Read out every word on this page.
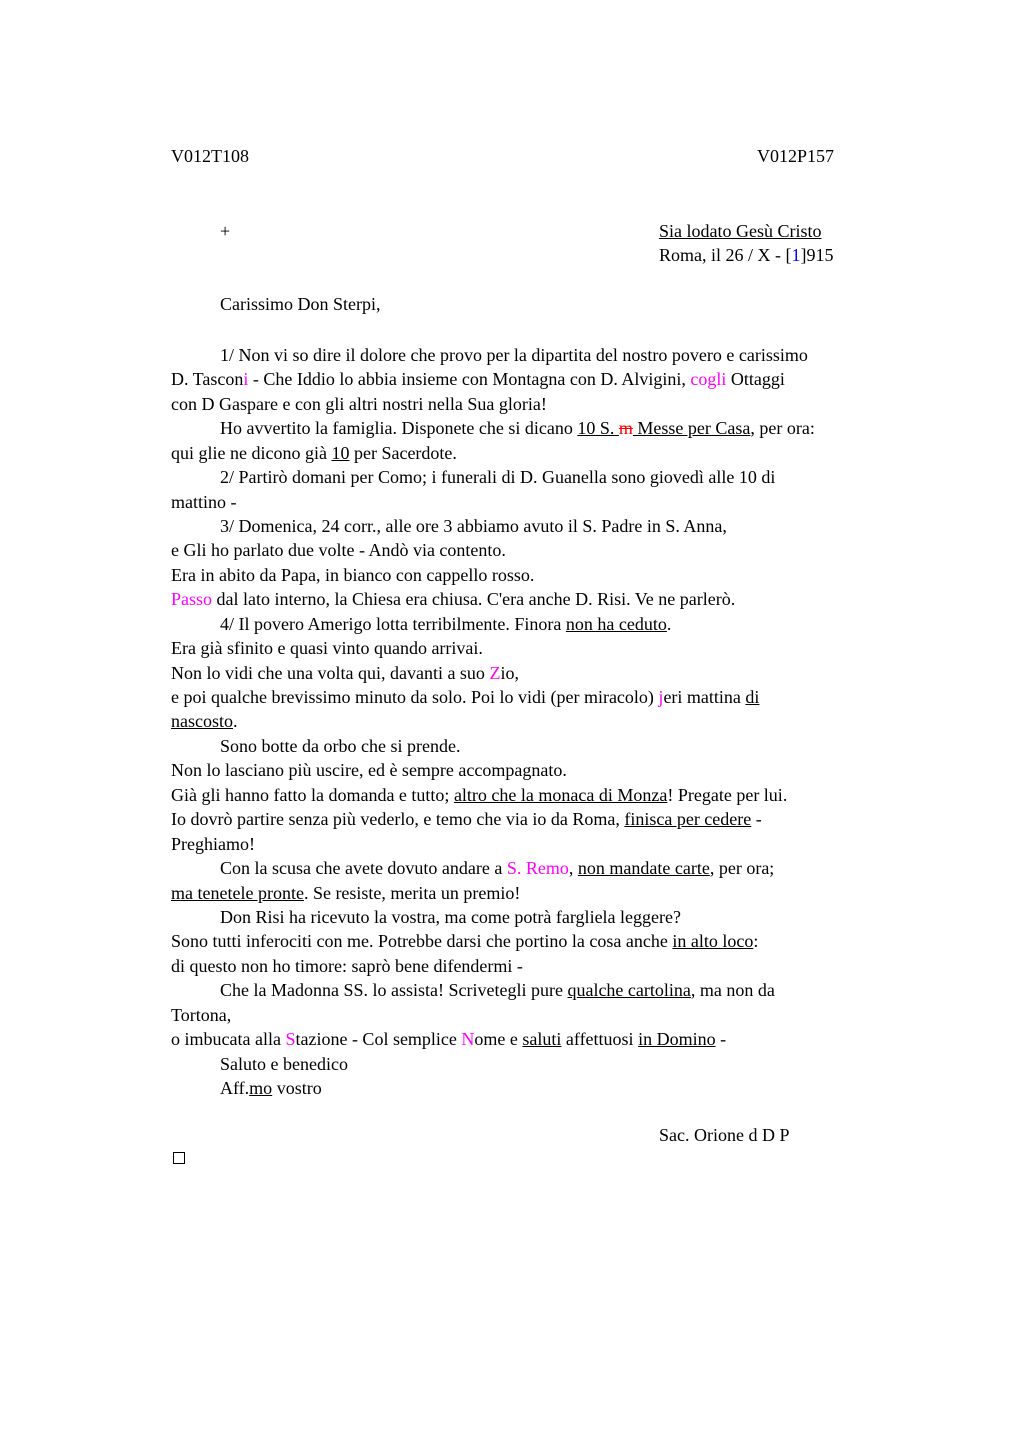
V012T108	V012P157
+	Sia lodato Gesù Cristo
Roma, il 26 / X - [1]915
Carissimo Don Sterpi,
1/ Non vi so dire il dolore che provo per la dipartita del nostro povero e carissimo
D. Tasconi - Che Iddio lo abbia insieme con Montagna con D. Alvigini, cogli Ottaggi
con D Gaspare e con gli altri nostri nella Sua gloria!
Ho avvertito la famiglia. Disponete che si dicano 10 S. m Messe per Casa, per ora:
qui glie ne dicono già 10 per Sacerdote.
2/ Partirò domani per Como; i funerali di D. Guanella sono giovedì alle 10 di
mattino -
3/ Domenica, 24 corr., alle ore 3 abbiamo avuto il S. Padre in S. Anna,
e Gli ho parlato due volte - Andò via contento.
Era in abito da Papa, in bianco con cappello rosso.
Passo dal lato interno, la Chiesa era chiusa. C'era anche D. Risi. Ve ne parlerò.
4/ Il povero Amerigo lotta terribilmente. Finora non ha ceduto.
Era già sfinito e quasi vinto quando arrivai.
Non lo vidi che una volta qui, davanti a suo Zio,
e poi qualche brevissimo minuto da solo. Poi lo vidi (per miracolo) jeri mattina di
nascosto.
Sono botte da orbo che si prende.
Non lo lasciano più uscire, ed è sempre accompagnato.
Già gli hanno fatto la domanda e tutto; altro che la monaca di Monza! Pregate per lui.
Io dovrò partire senza più vederlo, e temo che via io da Roma, finisca per cedere -
Preghiamo!
Con la scusa che avete dovuto andare a S. Remo, non mandate carte, per ora;
ma tenetele pronte. Se resiste, merita un premio!
Don Risi ha ricevuto la vostra, ma come potrà fargliela leggere?
Sono tutti inferociti con me. Potrebbe darsi che portino la cosa anche in alto loco:
di questo non ho timore: saprò bene difendermi -
Che la Madonna SS. lo assista! Scrivetegli pure qualche cartolina, ma non da
Tortona,
o imbucata alla Stazione - Col semplice Nome e saluti affettuosi in Domino -
Saluto e benedico
Aff.mo vostro
Sac. Orione d D P
